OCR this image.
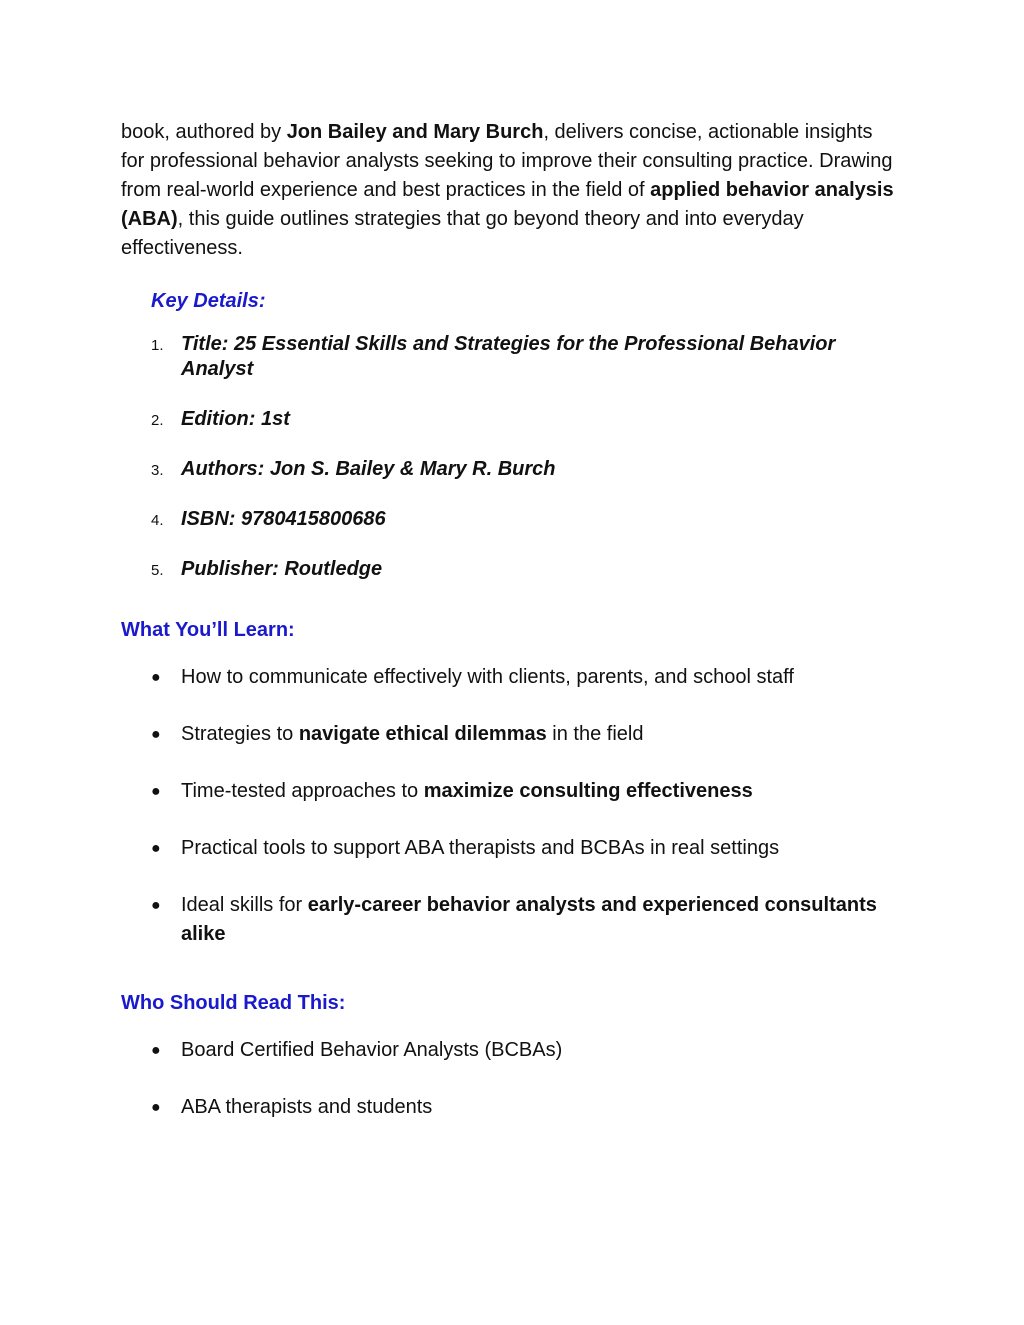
book, authored by Jon Bailey and Mary Burch, delivers concise, actionable insights for professional behavior analysts seeking to improve their consulting practice. Drawing from real-world experience and best practices in the field of applied behavior analysis (ABA), this guide outlines strategies that go beyond theory and into everyday effectiveness.

Key Details:
1. Title: 25 Essential Skills and Strategies for the Professional Behavior Analyst
2. Edition: 1st
3. Authors: Jon S. Bailey & Mary R. Burch
4. ISBN: 9780415800686
5. Publisher: Routledge
What You’ll Learn:
● How to communicate effectively with clients, parents, and school staff
● Strategies to navigate ethical dilemmas in the field
● Time-tested approaches to maximize consulting effectiveness
● Practical tools to support ABA therapists and BCBAs in real settings
● Ideal skills for early-career behavior analysts and experienced consultants alike
Who Should Read This:
● Board Certified Behavior Analysts (BCBAs)
● ABA therapists and students
